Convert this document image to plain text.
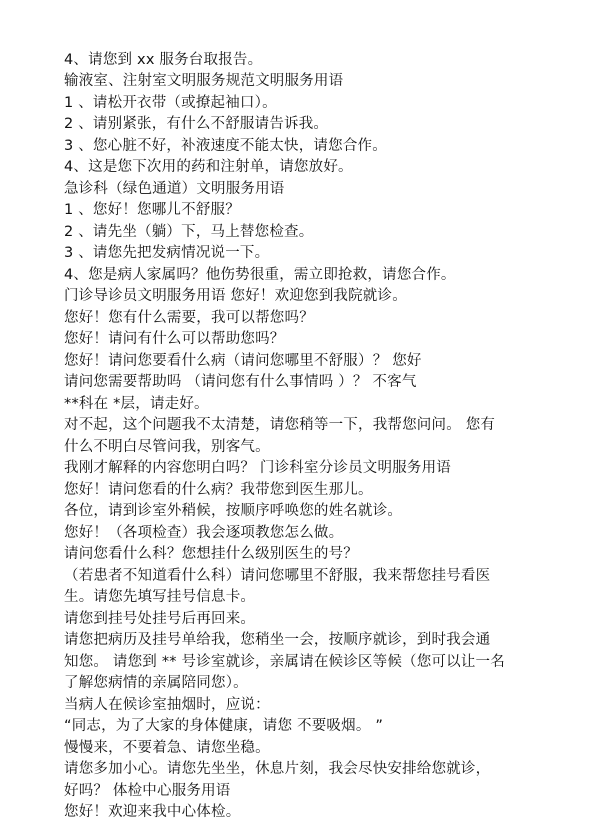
4、请您到 xx 服务台取报告。
输液室、注射室文明服务规范文明服务用语
1 、请松开衣带（或撩起袖口）。
2 、请别紧张，有什么不舒服请告诉我。
3 、您心脏不好，补液速度不能太快，请您合作。
4、这是您下次用的药和注射单，请您放好。
急诊科（绿色通道）文明服务用语
1 、您好！您哪儿不舒服？
2 、请先坐（躺）下，马上替您检查。
3 、请您先把发病情况说一下。
4、您是病人家属吗？他伤势很重，需立即抢救，请您合作。
门诊导诊员文明服务用语 您好！欢迎您到我院就诊。
您好！您有什么需要，我可以帮您吗？
您好！请问有什么可以帮助您吗？
您好！请问您要看什么病（请问您哪里不舒服）？ 您好
请问您需要帮助吗 （请问您有什么事情吗 ）？ 不客气
**科在 *层，请走好。
对不起，这个问题我不太清楚，请您稍等一下，我帮您问问。 您有
什么不明白尽管问我，别客气。
我刚才解释的内容您明白吗？ 门诊科室分诊员文明服务用语
您好！请问您看的什么病？我带您到医生那儿。
各位，请到诊室外稍候，按顺序呼唤您的姓名就诊。
您好！（各项检查）我会逐项教您怎么做。
请问您看什么科？您想挂什么级别医生的号？
（若患者不知道看什么科）请问您哪里不舒服，我来帮您挂号看医
生。请您先填写挂号信息卡。
请您到挂号处挂号后再回来。
请您把病历及挂号单给我，您稍坐一会，按顺序就诊，到时我会通
知您。 请您到 ** 号诊室就诊，亲属请在候诊区等候（您可以让一名
了解您病情的亲属陪同您）。
当病人在候诊室抽烟时，应说：
“同志，为了大家的身体健康，请您 不要吸烟。 ”
慢慢来，不要着急、请您坐稳。
请您多加小心。请您先坐坐，休息片刻，我会尽快安排给您就诊，
好吗？ 体检中心服务用语
您好！欢迎来我中心体检。
